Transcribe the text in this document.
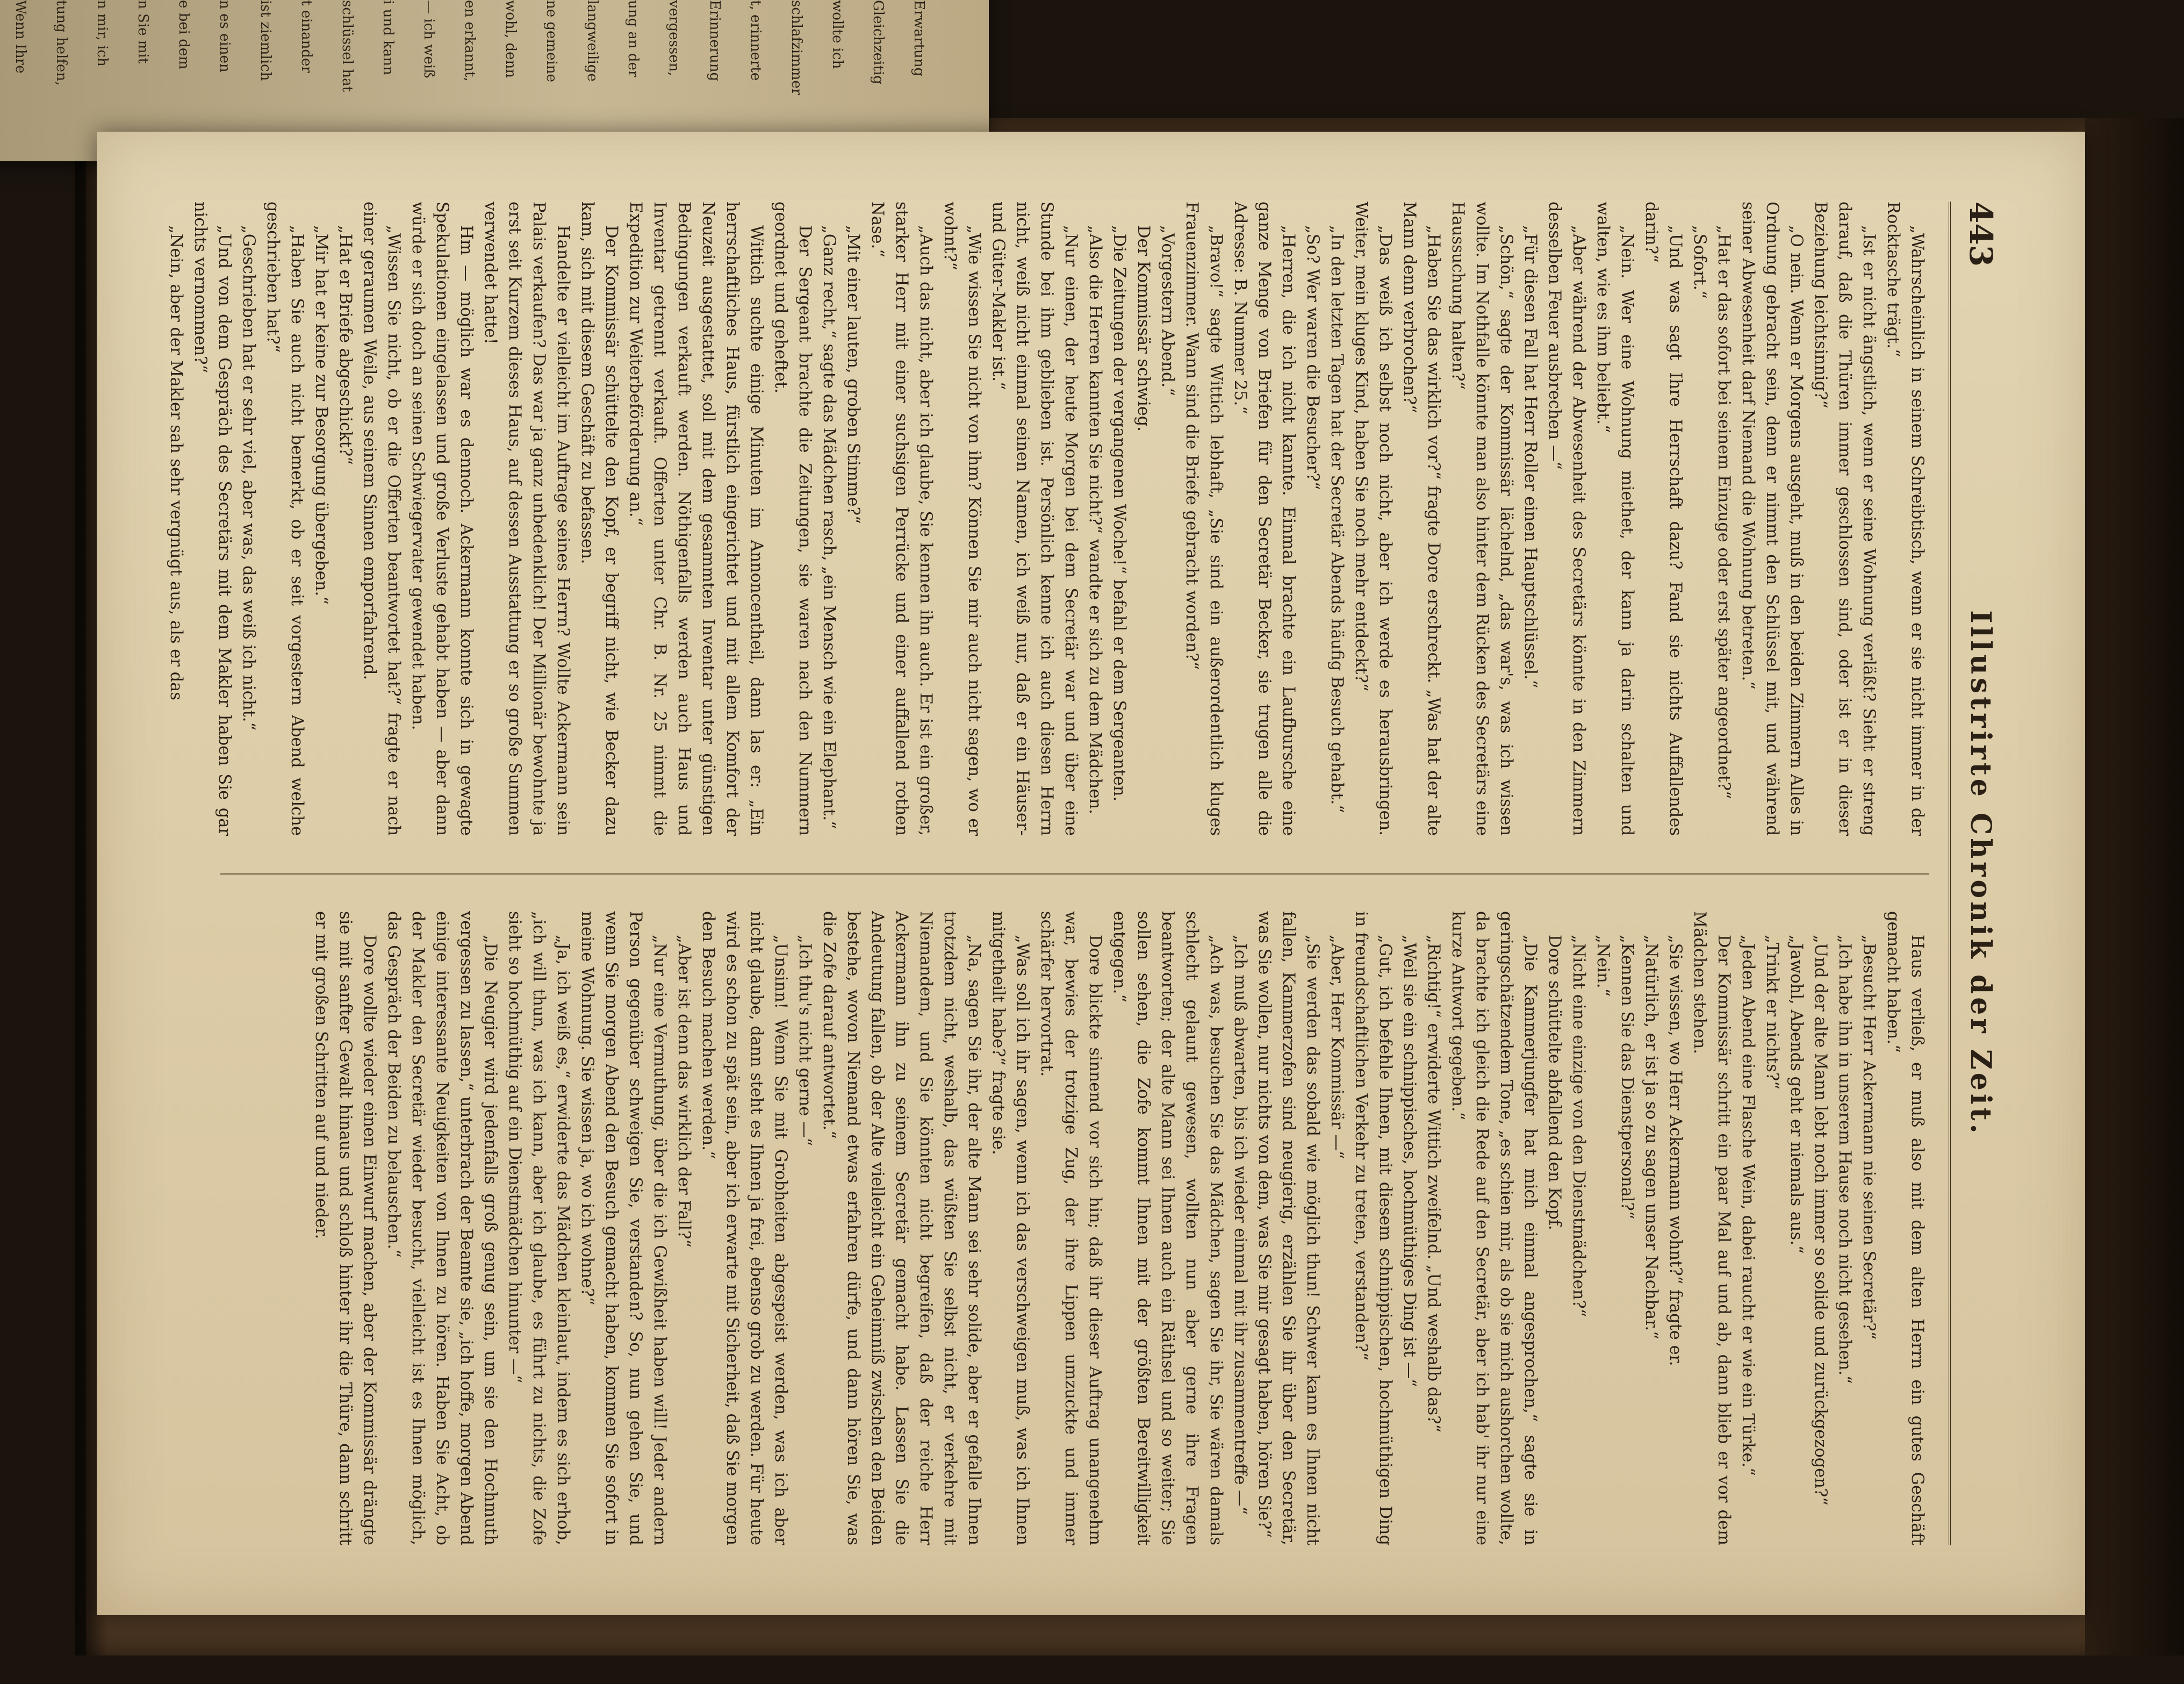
Wenn Ihre tung helfen, n mir, ich n Sie mit e bei dem n es einen ist ziemlich t einander schlüssel hat i und kann — ich weiß en erkannt, wohl, denn ne gemeine langweilige ung an der vergessen, Erinnerung t, erinnerte schlafzimmer wollte ich Gleichzeitig Erwartung
443
Illustrirte Chronik der Zeit.

„Wahrscheinlich in seinem Schreibtisch, wenn er sie nicht immer in der Rocktasche trägt.“

„Ist er nicht ängstlich, wenn er seine Wohnung verläßt? Sieht er streng darauf, daß die Thüren immer geschlossen sind, oder ist er in dieser Beziehung leichtsinnig?“

„O nein. Wenn er Morgens ausgeht, muß in den beiden Zimmern Alles in Ordnung gebracht sein, denn er nimmt den Schlüssel mit, und während seiner Abwesenheit darf Niemand die Wohnung betreten.“

„Hat er das sofort bei seinem Einzuge oder erst später angeordnet?“

„Sofort.“

„Und was sagt Ihre Herrschaft dazu? Fand sie nichts Auffallendes darin?“

„Nein. Wer eine Wohnung miethet, der kann ja darin schalten und walten, wie es ihm beliebt.“

„Aber während der Abwesenheit des Secretärs könnte in den Zimmern desselben Feuer ausbrechen —“

„Für diesen Fall hat Herr Roller einen Hauptschlüssel.“

„Schön,“ sagte der Kommissär lächelnd, „das war's, was ich wissen wollte. Im Nothfalle könnte man also hinter dem Rücken des Secretärs eine Haussuchung halten?“

„Haben Sie das wirklich vor?“ fragte Dore erschreckt. „Was hat der alte Mann denn verbrochen?“

„Das weiß ich selbst noch nicht, aber ich werde es herausbringen. Weiter, mein kluges Kind, haben Sie noch mehr entdeckt?“

„In den letzten Tagen hat der Secretär Abends häufig Besuch gehabt.“

„So? Wer waren die Besucher?“

„Herren, die ich nicht kannte. Einmal brachte ein Laufbursche eine ganze Menge von Briefen für den Secretär Becker, sie trugen alle die Adresse: B. Nummer 25.“

„Bravo!“ sagte Wittich lebhaft, „Sie sind ein außerordentlich kluges Frauenzimmer. Wann sind die Briefe gebracht worden?“

„Vorgestern Abend.“

Der Kommissär schwieg.

„Die Zeitungen der vergangenen Woche!“ befahl er dem Sergeanten.

„Also die Herren kannten Sie nicht?“ wandte er sich zu dem Mädchen.

„Nur einen, der heute Morgen bei dem Secretär war und über eine Stunde bei ihm geblieben ist. Persönlich kenne ich auch diesen Herrn nicht, weiß nicht einmal seinen Namen, ich weiß nur, daß er ein Häuser- und Güter-Makler ist.“

„Wie wissen Sie nicht von ihm? Können Sie mir auch nicht sagen, wo er wohnt?“

„Auch das nicht, aber ich glaube, Sie kennen ihn auch. Er ist ein großer, starker Herr mit einer suchsigen Perrücke und einer auffallend rothen Nase.“

„Mit einer lauten, groben Stimme?“

„Ganz recht,“ sagte das Mädchen rasch, „ein Mensch wie ein Elephant.“

Der Sergeant brachte die Zeitungen, sie waren nach den Nummern geordnet und geheftet.

Wittich suchte einige Minuten im Annoncentheil, dann las er: „Ein herrschaftliches Haus, fürstlich eingerichtet und mit allem Komfort der Neuzeit ausgestattet, soll mit dem gesammten Inventar unter günstigen Bedingungen verkauft werden. Nöthigenfalls werden auch Haus und Inventar getrennt verkauft. Offerten unter Chr. B. Nr. 25 nimmt die Expedition zur Weiterbeförderung an.“

Der Kommissär schüttelte den Kopf, er begriff nicht, wie Becker dazu kam, sich mit diesem Geschäft zu befassen.

Handelte er vielleicht im Auftrage seines Herrn? Wollte Ackermann sein Palais verkaufen? Das war ja ganz unbedenklich! Der Millionär bewohnte ja erst seit Kurzem dieses Haus, auf dessen Ausstattung er so große Summen verwendet hatte!

Hm — möglich war es dennoch. Ackermann konnte sich in gewagte Spekulationen eingelassen und große Verluste gehabt haben — aber dann würde er sich doch an seinen Schwiegervater gewendet haben.

„Wissen Sie nicht, ob er die Offerten beantwortet hat?“ fragte er nach einer geraumen Weile, aus seinem Sinnen emporfahrend.

„Hat er Briefe abgeschickt?“

„Mir hat er keine zur Besorgung übergeben.“

„Haben Sie auch nicht bemerkt, ob er seit vorgestern Abend welche geschrieben hat?“

„Geschrieben hat er sehr viel, aber was, das weiß ich nicht.“

„Und von dem Gespräch des Secretärs mit dem Makler haben Sie gar nichts vernommen?“

„Nein, aber der Makler sah sehr vergnügt aus, als er das

Haus verließ, er muß also mit dem alten Herrn ein gutes Geschäft gemacht haben.“

„Besucht Herr Ackermann nie seinen Secretär?“

„Ich habe ihn in unserem Hause noch nicht gesehen.“

„Und der alte Mann lebt noch immer so solide und zurückgezogen?“

„Jawohl, Abends geht er niemals aus.“

„Trinkt er nichts?“

„Jeden Abend eine Flasche Wein, dabei raucht er wie ein Türke.“

Der Kommissär schritt ein paar Mal auf und ab, dann blieb er vor dem Mädchen stehen.

„Sie wissen, wo Herr Ackermann wohnt?“ fragte er.

„Natürlich, er ist ja so zu sagen unser Nachbar.“

„Kennen Sie das Dienstpersonal?“

„Nein.“

„Nicht eine einzige von den Dienstmädchen?“

Dore schüttelte abfallend den Kopf.

„Die Kammerjungfer hat mich einmal angesprochen,“ sagte sie in geringschätzendem Tone, „es schien mir, als ob sie mich aushorchen wollte, da brachte ich gleich die Rede auf den Secretär, aber ich hab' ihr nur eine kurze Antwort gegeben.“

„Richtig!“ erwiderte Wittich zweifelnd. „Und weshalb das?“

„Weil sie ein schnippisches, hochmüthiges Ding ist —“

„Gut, ich befehle Ihnen, mit diesem schnippischen, hochmüthigen Ding in freundschaftlichen Verkehr zu treten, verstanden?“

„Aber, Herr Kommissär —“

„Sie werden das sobald wie möglich thun! Schwer kann es Ihnen nicht fallen, Kammerzofen sind neugierig, erzählen Sie ihr über den Secretär, was Sie wollen, nur nichts von dem, was Sie mir gesagt haben, hören Sie?“

„Ich muß abwarten, bis ich wieder einmal mit ihr zusammentreffe —“

„Ach was, besuchen Sie das Mädchen, sagen Sie ihr, Sie wären damals schlecht gelaunt gewesen, wollten nun aber gerne ihre Fragen beantworten; der alte Mann sei Ihnen auch ein Räthsel und so weiter; Sie sollen sehen, die Zofe kommt Ihnen mit der größten Bereitwilligkeit entgegen.“

Dore blickte sinnend vor sich hin; daß ihr dieser Auftrag unangenehm war, bewies der trotzige Zug, der ihre Lippen umzuckte und immer schärfer hervortrat.

„Was soll ich ihr sagen, wenn ich das verschweigen muß, was ich Ihnen mitgetheilt habe?“ fragte sie.

„Na, sagen Sie ihr, der alte Mann sei sehr solide, aber er gefalle Ihnen trotzdem nicht, weshalb, das wüßten Sie selbst nicht, er verkehre mit Niemandem, und Sie könnten nicht begreifen, daß der reiche Herr Ackermann ihn zu seinem Secretär gemacht habe. Lassen Sie die Andeutung fallen, ob der Alte vielleicht ein Geheimniß zwischen den Beiden bestehe, wovon Niemand etwas erfahren dürfe, und dann hören Sie, was die Zofe darauf antwortet.“

„Ich thu's nicht gerne —“

„Unsinn! Wenn Sie mit Grobheiten abgespeist werden, was ich aber nicht glaube, dann steht es Ihnen ja frei, ebenso grob zu werden. Für heute wird es schon zu spät sein, aber ich erwarte mit Sicherheit, daß Sie morgen den Besuch machen werden.“

„Aber ist denn das wirklich der Fall?“

„Nur eine Vermuthung, über die ich Gewißheit haben will! Jeder andern Person gegenüber schweigen Sie, verstanden? So, nun gehen Sie, und wenn Sie morgen Abend den Besuch gemacht haben, kommen Sie sofort in meine Wohnung. Sie wissen ja, wo ich wohne?“

„Ja, ich weiß es,“ erwiderte das Mädchen kleinlaut, indem es sich erhob, „ich will thun, was ich kann, aber ich glaube, es führt zu nichts, die Zofe sieht so hochmüthig auf ein Dienstmädchen hinunter —“

„Die Neugier wird jedenfalls groß genug sein, um sie den Hochmuth vergessen zu lassen,“ unterbrach der Beamte sie, „ich hoffe, morgen Abend einige interessante Neuigkeiten von Ihnen zu hören. Haben Sie Acht, ob der Makler den Secretär wieder besucht, vielleicht ist es Ihnen möglich, das Gespräch der Beiden zu belauschen.“

Dore wollte wieder einen Einwurf machen, aber der Kommissär drängte sie mit sanfter Gewalt hinaus und schloß hinter ihr die Thüre, dann schritt er mit großen Schritten auf und nieder.
